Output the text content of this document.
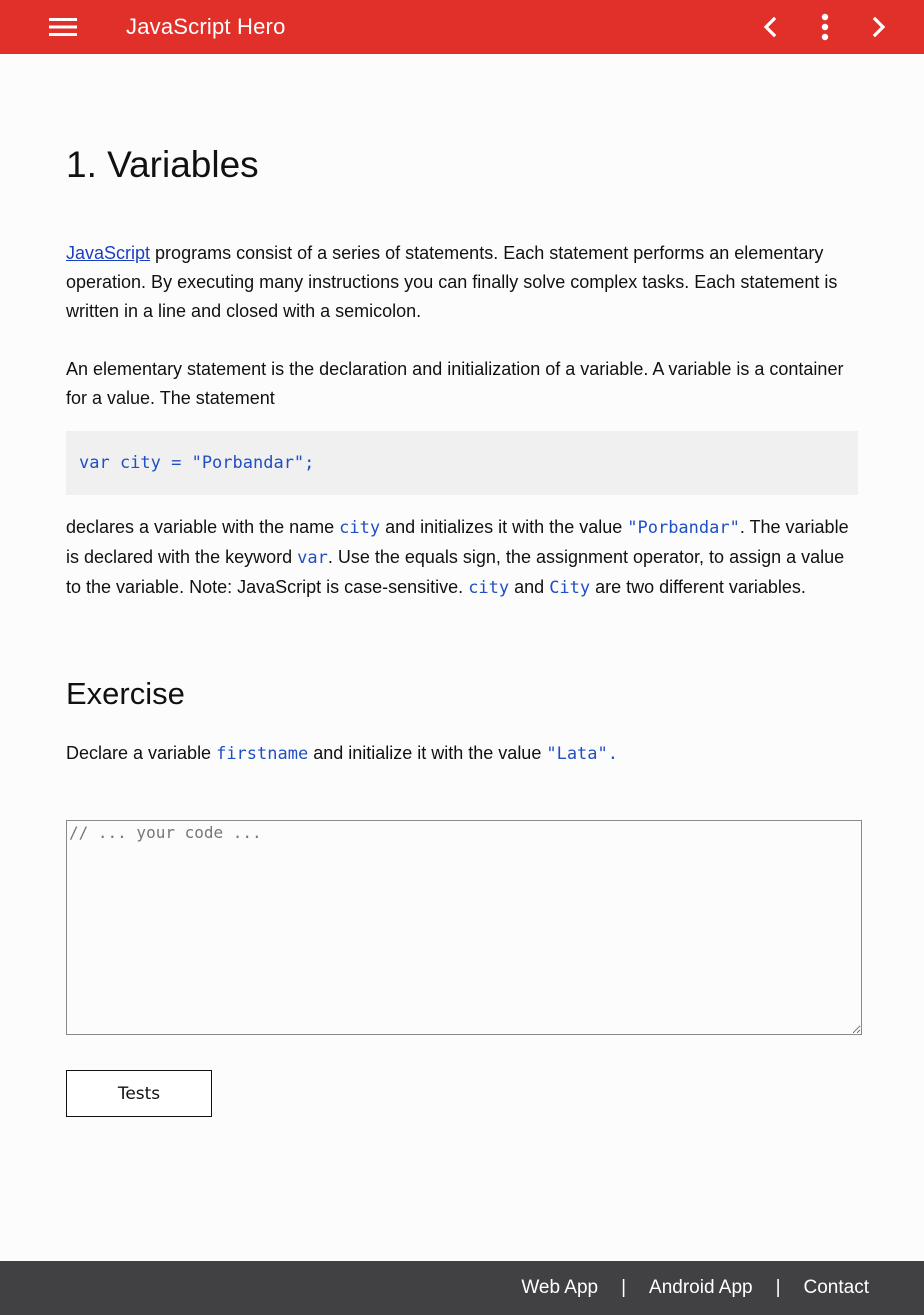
JavaScript Hero
1. Variables

JavaScript programs consist of a series of statements. Each statement performs an elementary operation. By executing many instructions you can finally solve complex tasks. Each statement is written in a line and closed with a semicolon.

An elementary statement is the declaration and initialization of a variable. A variable is a container for a value. The statement

var city = "Porbandar";

declares a variable with the name city and initializes it with the value "Porbandar". The variable is declared with the keyword var. Use the equals sign, the assignment operator, to assign a value to the variable. Note: JavaScript is case-sensitive. city and City are two different variables.

Exercise

Declare a variable firstname and initialize it with the value "Lata".

// ... your code ...
Tests
Web App | Android App | Contact
